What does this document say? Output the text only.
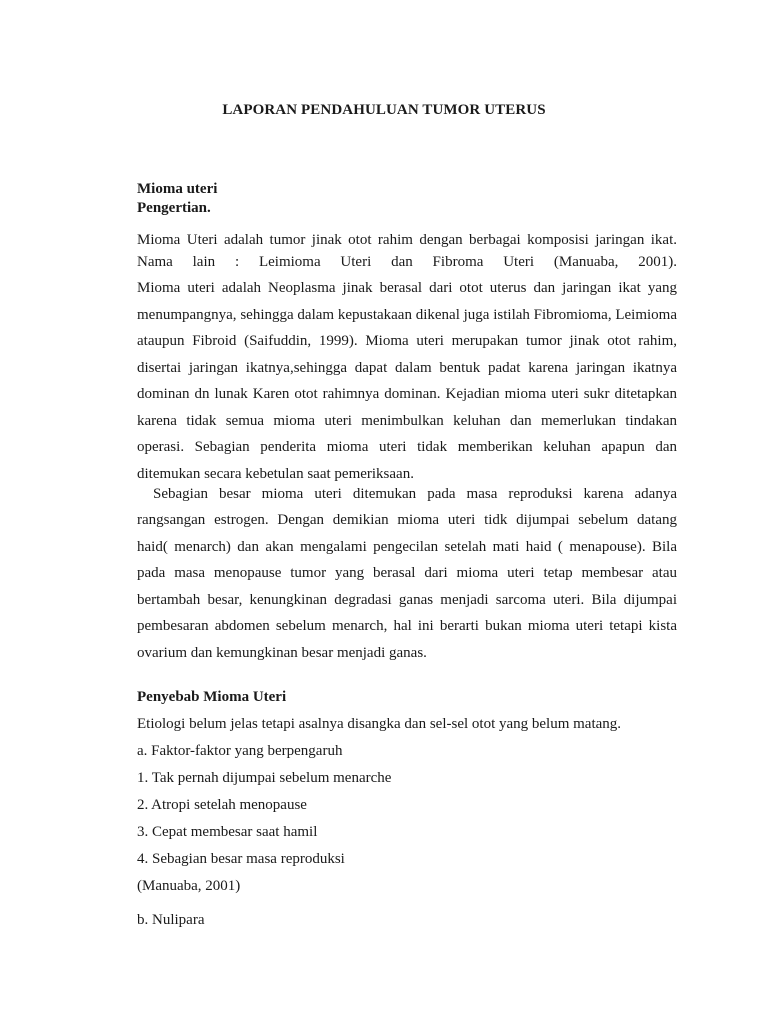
LAPORAN PENDAHULUAN TUMOR UTERUS
Mioma uteri
Pengertian.
Mioma Uteri adalah tumor jinak otot rahim dengan berbagai komposisi jaringan ikat.
Nama lain : Leimioma Uteri dan Fibroma Uteri (Manuaba, 2001).
Mioma uteri adalah Neoplasma jinak berasal dari otot uterus dan jaringan ikat yang
menumpangnya, sehingga dalam kepustakaan dikenal juga istilah Fibromioma, Leimioma
ataupun Fibroid (Saifuddin, 1999). Mioma uteri merupakan tumor jinak otot rahim,
disertai jaringan ikatnya,sehingga dapat dalam bentuk padat karena jaringan ikatnya
dominan dn lunak Karen otot rahimnya dominan. Kejadian mioma uteri sukr ditetapkan
karena tidak semua mioma uteri menimbulkan keluhan dan memerlukan tindakan
operasi. Sebagian penderita mioma uteri tidak memberikan keluhan apapun dan
ditemukan secara kebetulan saat pemeriksaan.
Sebagian besar mioma uteri ditemukan pada masa reproduksi karena adanya
rangsangan estrogen. Dengan demikian mioma uteri tidk dijumpai sebelum datang
haid( menarch) dan akan mengalami pengecilan setelah mati haid ( menapouse). Bila
pada masa menopause tumor yang berasal dari mioma uteri tetap membesar atau
bertambah besar, kenungkinan degradasi ganas menjadi sarcoma uteri. Bila dijumpai
pembesaran abdomen sebelum menarch, hal ini berarti bukan mioma uteri tetapi kista
ovarium dan kemungkinan besar menjadi ganas.
Penyebab Mioma Uteri
Etiologi belum jelas tetapi asalnya disangka dan sel-sel otot yang belum matang.
a. Faktor-faktor yang berpengaruh
1. Tak pernah dijumpai sebelum menarche
2. Atropi setelah menopause
3. Cepat membesar saat hamil
4. Sebagian besar masa reproduksi
(Manuaba, 2001)
b. Nulipara
